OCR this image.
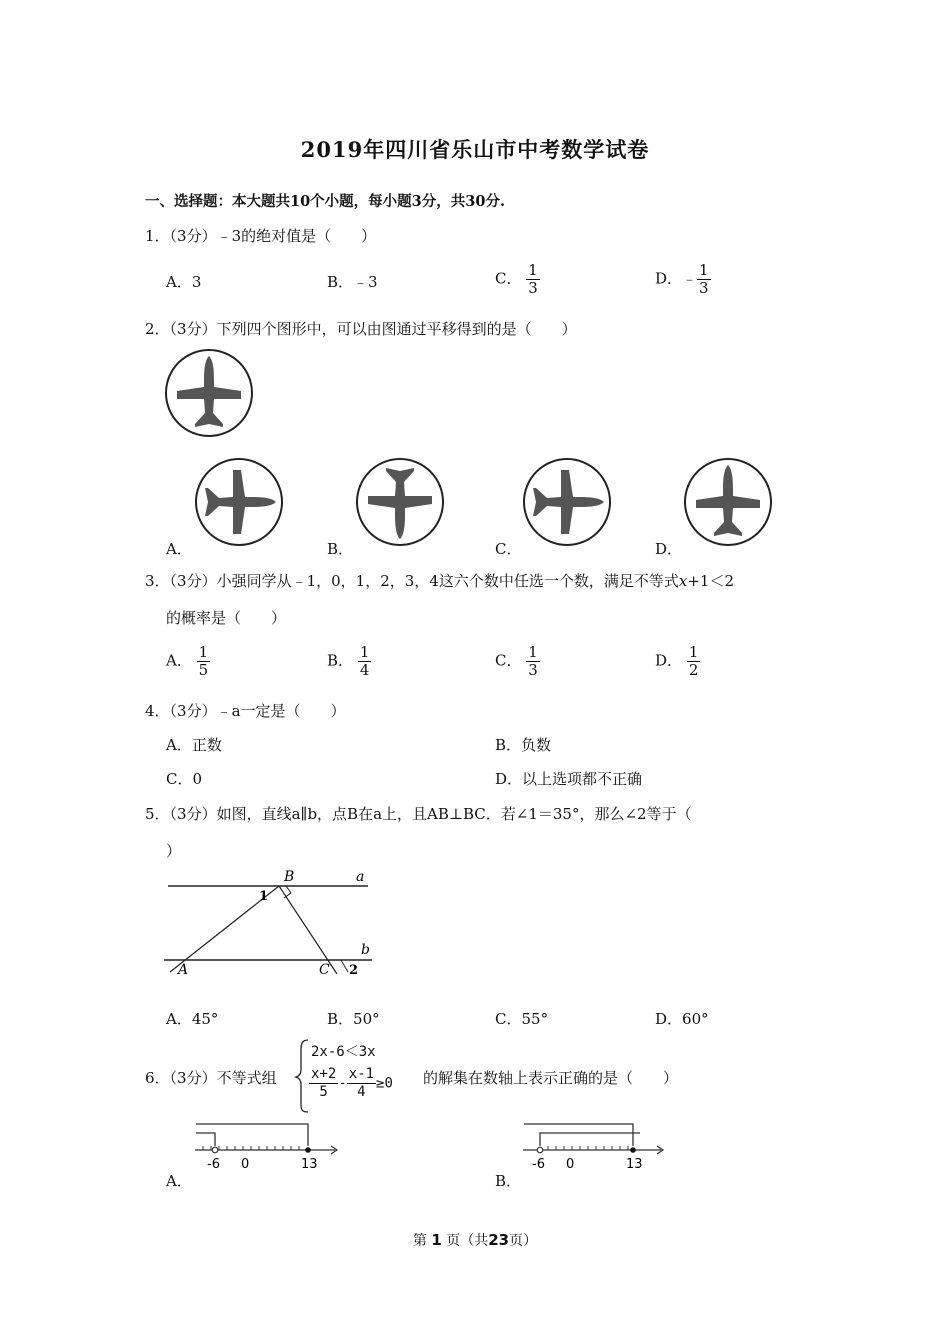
2019年四川省乐山市中考数学试卷
一、选择题：本大题共10个小题，每小题3分，共30分.
1．（3分）﹣3的绝对值是（　　）
A．3	B．﹣3	C． $\frac{1}{3}$	D．﹣ $\frac{1}{3}$
2．（3分）下列四个图形中，可以由图通过平移得到的是（　　）
A．	B．	C．	D．
3．（3分）小强同学从﹣1，0，1，2，3，4这六个数中任选一个数，满足不等式x+1＜2
的概率是（　　）
A． $\frac{1}{5}$	B． $\frac{1}{4}$	C． $\frac{1}{3}$	D． $\frac{1}{2}$
4．（3分）﹣a一定是（　　）
A．正数	B．负数
C．0	D．以上选项都不正确
5．（3分）如图，直线a∥b，点B在a上，且AB⊥BC．若∠1＝35°，那么∠2等于（
）
B	a
1
b
A	C 2
A．45°	B．50°	C．55°	D．60°
6．（3分）不等式组
2x-6＜3x
$\frac{x+2}{5} - \frac{x-1}{4} \ge 0$ 的解集在数轴上表示正确的是（　　）
-6 0	13	-6 0	13
A．	B．
第 1 页（共23页）
